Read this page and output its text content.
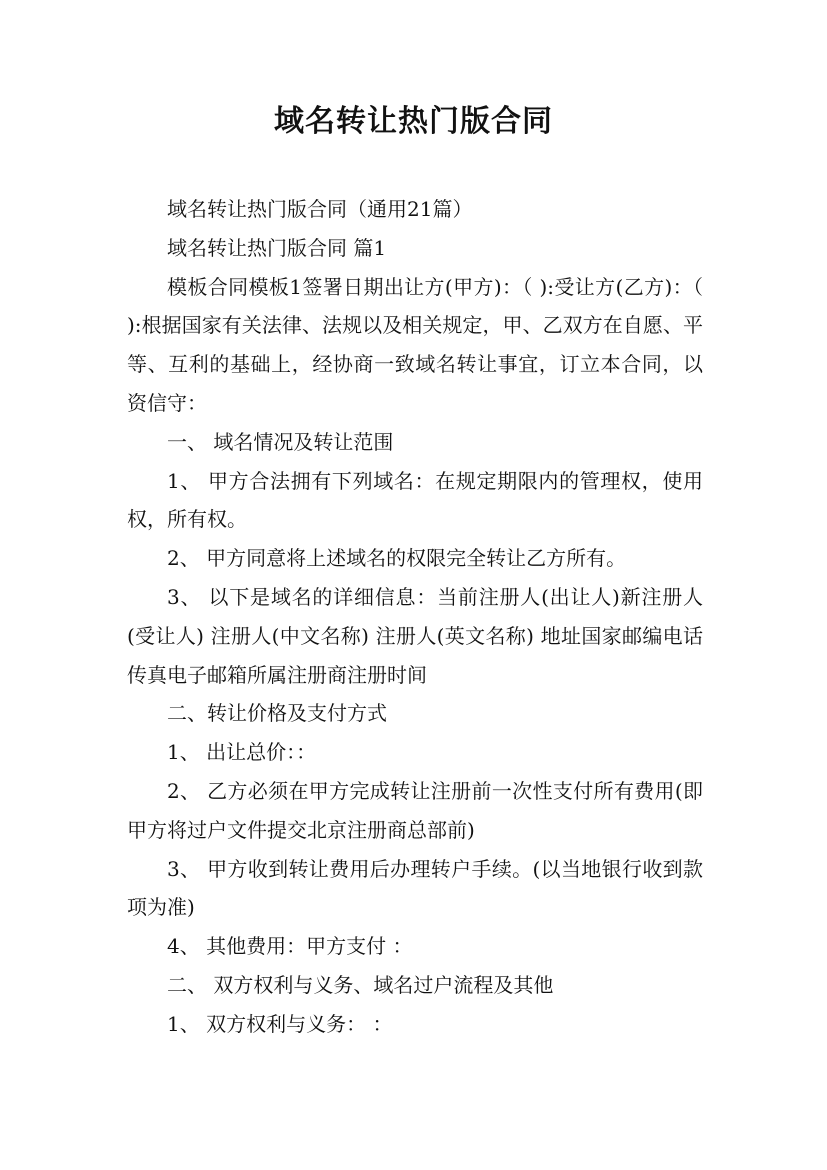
域名转让热门版合同

域名转让热门版合同（通用21篇）

域名转让热门版合同 篇1

模板合同模板1签署日期出让方(甲方)：（ ):受让方(乙方)：（ ):根据国家有关法律、法规以及相关规定，甲、乙双方在自愿、平等、互利的基础上，经协商一致域名转让事宜，订立本合同，以资信守：

一、 域名情况及转让范围

1、 甲方合法拥有下列域名：在规定期限内的管理权，使用权，所有权。

2、 甲方同意将上述域名的权限完全转让乙方所有。

3、 以下是域名的详细信息：当前注册人(出让人)新注册人(受让人) 注册人(中文名称) 注册人(英文名称) 地址国家邮编电话传真电子邮箱所属注册商注册时间

二、转让价格及支付方式

1、 出让总价：：

2、 乙方必须在甲方完成转让注册前一次性支付所有费用(即甲方将过户文件提交北京注册商总部前)

3、 甲方收到转让费用后办理转户手续。(以当地银行收到款项为准)

4、 其他费用：甲方支付 ：

二、 双方权利与义务、域名过户流程及其他

1、 双方权利与义务： ：
